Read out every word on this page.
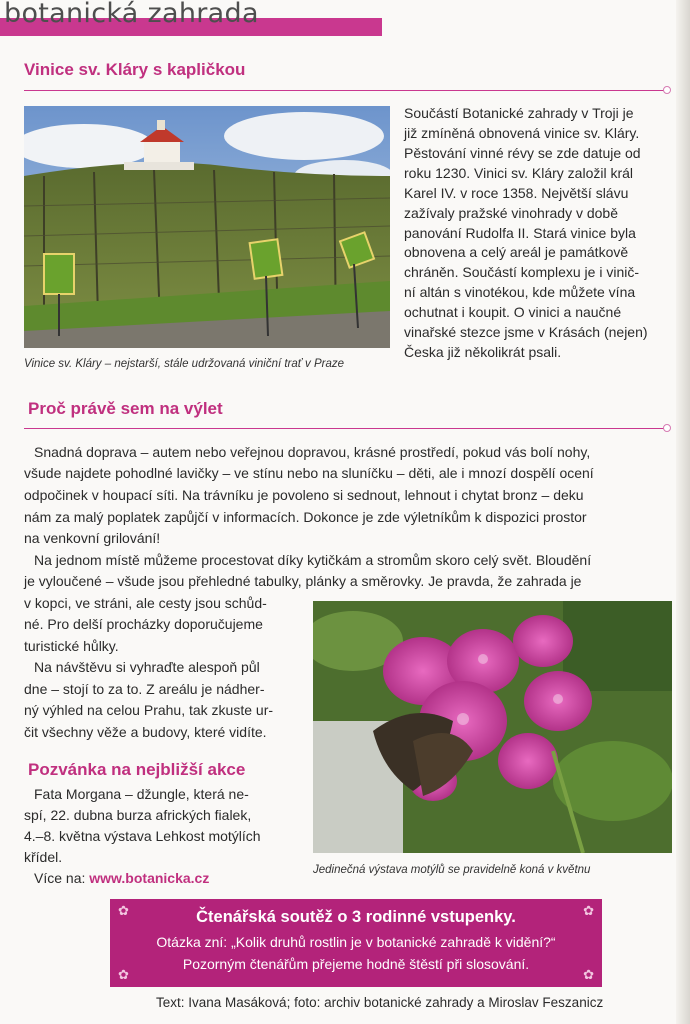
botanická zahrada
Vinice sv. Kláry s kapličkou
Vinice sv. Kláry – nejstarší, stále udržovaná viniční trať v Praze

Součástí Botanické zahrady v Troji je

již zmíněná obnovená vinice sv. Kláry.

Pěstování vinné révy se zde datuje od

roku 1230. Vinici sv. Kláry založil král

Karel IV. v roce 1358. Největší slávu

zažívaly pražské vinohrady v době

panování Rudolfa II. Stará vinice byla

obnovena a celý areál je památkově

chráněn. Součástí komplexu je i vinič-

ní altán s vinotékou, kde můžete vína

ochutnat i koupit. O vinici a naučné

vinařské stezce jsme v Krásách (nejen)

Česka již několikrát psali.

Proč právě sem na výlet

Snadná doprava – autem nebo veřejnou dopravou, krásné prostředí, pokud vás bolí nohy,

všude najdete pohodlné lavičky – ve stínu nebo na sluníčku – děti, ale i mnozí dospělí ocení

odpočinek v houpací síti. Na trávníku je povoleno si sednout, lehnout i chytat bronz – deku

nám za malý poplatek zapůjčí v informacích. Dokonce je zde výletníkům k dispozici prostor

na venkovní grilování!

Na jednom místě můžeme procestovat díky kytičkám a stromům skoro celý svět. Bloudění

je vyloučené – všude jsou přehledné tabulky, plánky a směrovky. Je pravda, že zahrada je

v kopci, ve stráni, ale cesty jsou schůd-

né. Pro delší procházky doporučujeme

turistické hůlky.

Na návštěvu si vyhraďte alespoň půl

dne – stojí to za to. Z areálu je nádher-

ný výhled na celou Prahu, tak zkuste ur-

čit všechny věže a budovy, které vidíte.

Pozvánka na nejbližší akce

Fata Morgana – džungle, která ne-

spí, 22. dubna burza afrických fialek,

4.–8. května výstava Lehkost motýlích

křídel.

Více na: www.botanicka.cz	Jedinečná výstava motýlů se pravidelně koná v květnu
✿	✿
✿	✿
Čtenářská soutěž o 3 rodinné vstupenky.
Otázka zní: „Kolik druhů rostlin je v botanické zahradě k vidění?“
Pozorným čtenářům přejeme hodně štěstí při slosování.
Text: Ivana Masáková; foto: archiv botanické zahrady a Miroslav Feszanicz
